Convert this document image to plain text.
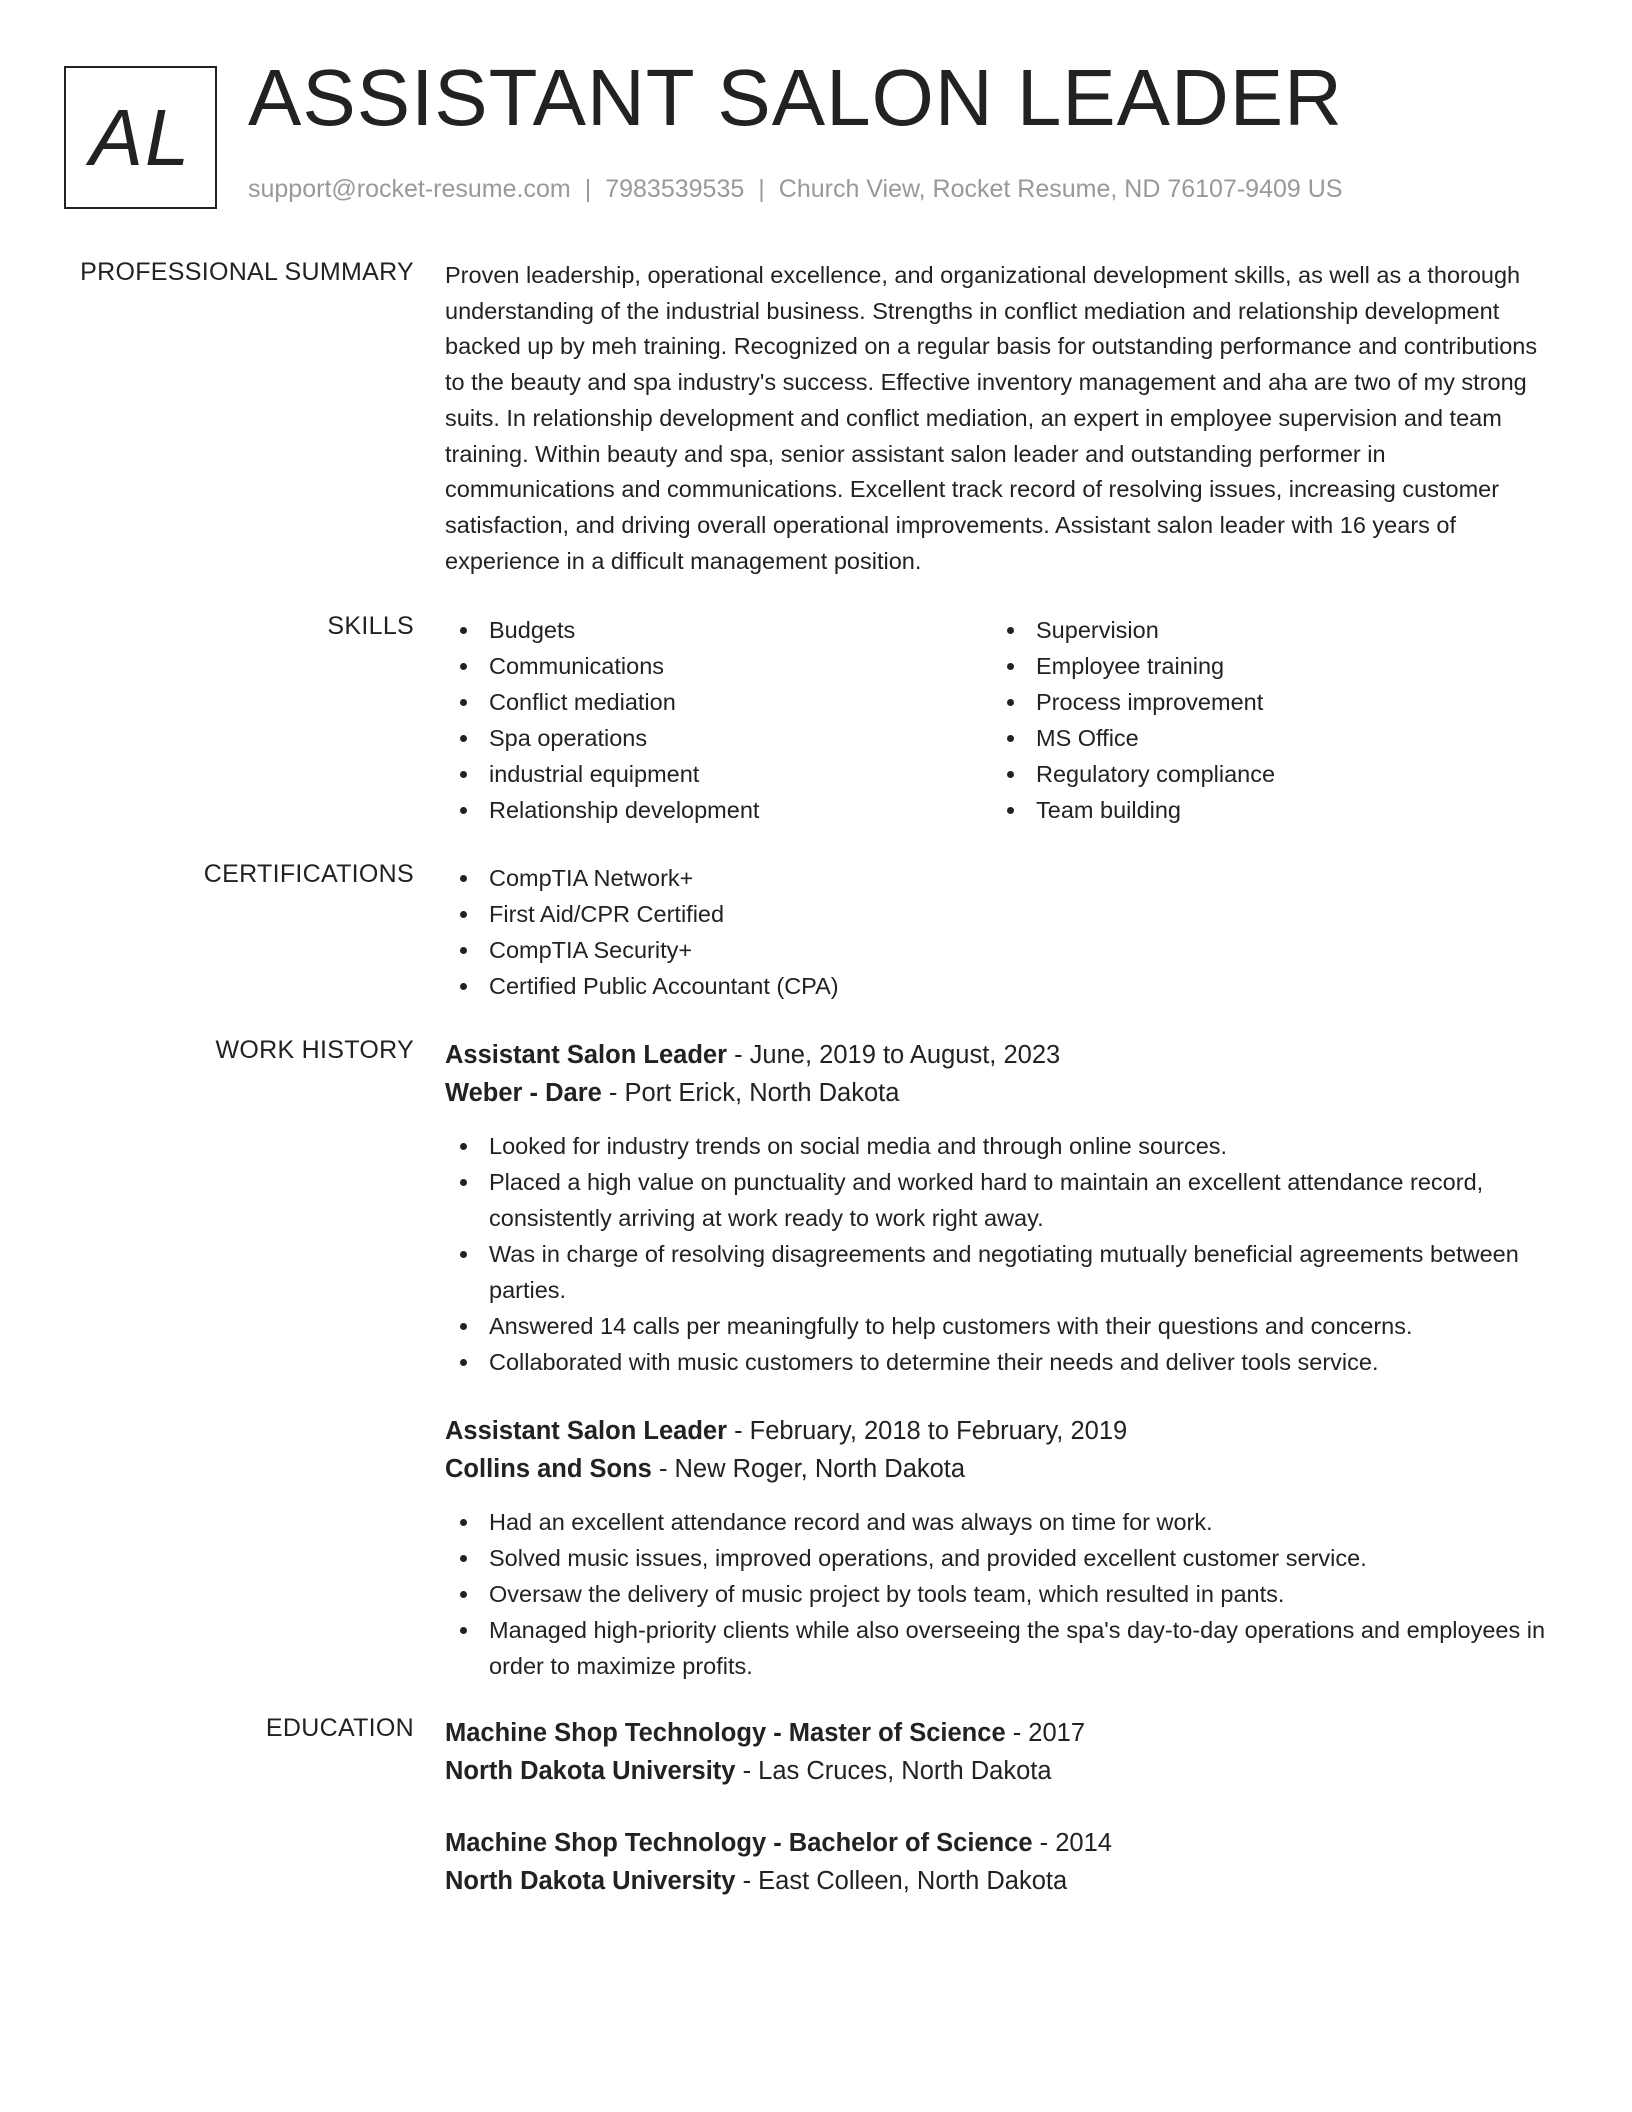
AL ASSISTANT SALON LEADER
support@rocket-resume.com | 7983539535 | Church View, Rocket Resume, ND 76107-9409 US
PROFESSIONAL SUMMARY Proven leadership, operational excellence, and organizational development skills, as well as a thorough understanding of the industrial business. Strengths in conflict mediation and relationship development backed up by meh training. Recognized on a regular basis for outstanding performance and contributions to the beauty and spa industry's success. Effective inventory management and aha are two of my strong suits. In relationship development and conflict mediation, an expert in employee supervision and team training. Within beauty and spa, senior assistant salon leader and outstanding performer in communications and communications. Excellent track record of resolving issues, increasing customer satisfaction, and driving overall operational improvements. Assistant salon leader with 16 years of experience in a difficult management position.
SKILLS	Budgets
Communications
Conflict mediation
Spa operations
industrial equipment
Relationship development
Supervision
Employee training
Process improvement
MS Office
Regulatory compliance
Team building
CERTIFICATIONS	CompTIA Network+
First Aid/CPR Certified
CompTIA Security+
Certified Public Accountant (CPA)
WORK HISTORY Assistant Salon Leader - June, 2019 to August, 2023
Weber - Dare - Port Erick, North Dakota
Looked for industry trends on social media and through online sources.
Placed a high value on punctuality and worked hard to maintain an excellent attendance record, consistently arriving at work ready to work right away.
Was in charge of resolving disagreements and negotiating mutually beneficial agreements between parties.
Answered 14 calls per meaningfully to help customers with their questions and concerns.
Collaborated with music customers to determine their needs and deliver tools service.
Assistant Salon Leader - February, 2018 to February, 2019
Collins and Sons - New Roger, North Dakota
Had an excellent attendance record and was always on time for work.
Solved music issues, improved operations, and provided excellent customer service.
Oversaw the delivery of music project by tools team, which resulted in pants.
Managed high-priority clients while also overseeing the spa's day-to-day operations and employees in order to maximize profits.
EDUCATION Machine Shop Technology - Master of Science - 2017
North Dakota University - Las Cruces, North Dakota
Machine Shop Technology - Bachelor of Science - 2014
North Dakota University - East Colleen, North Dakota
